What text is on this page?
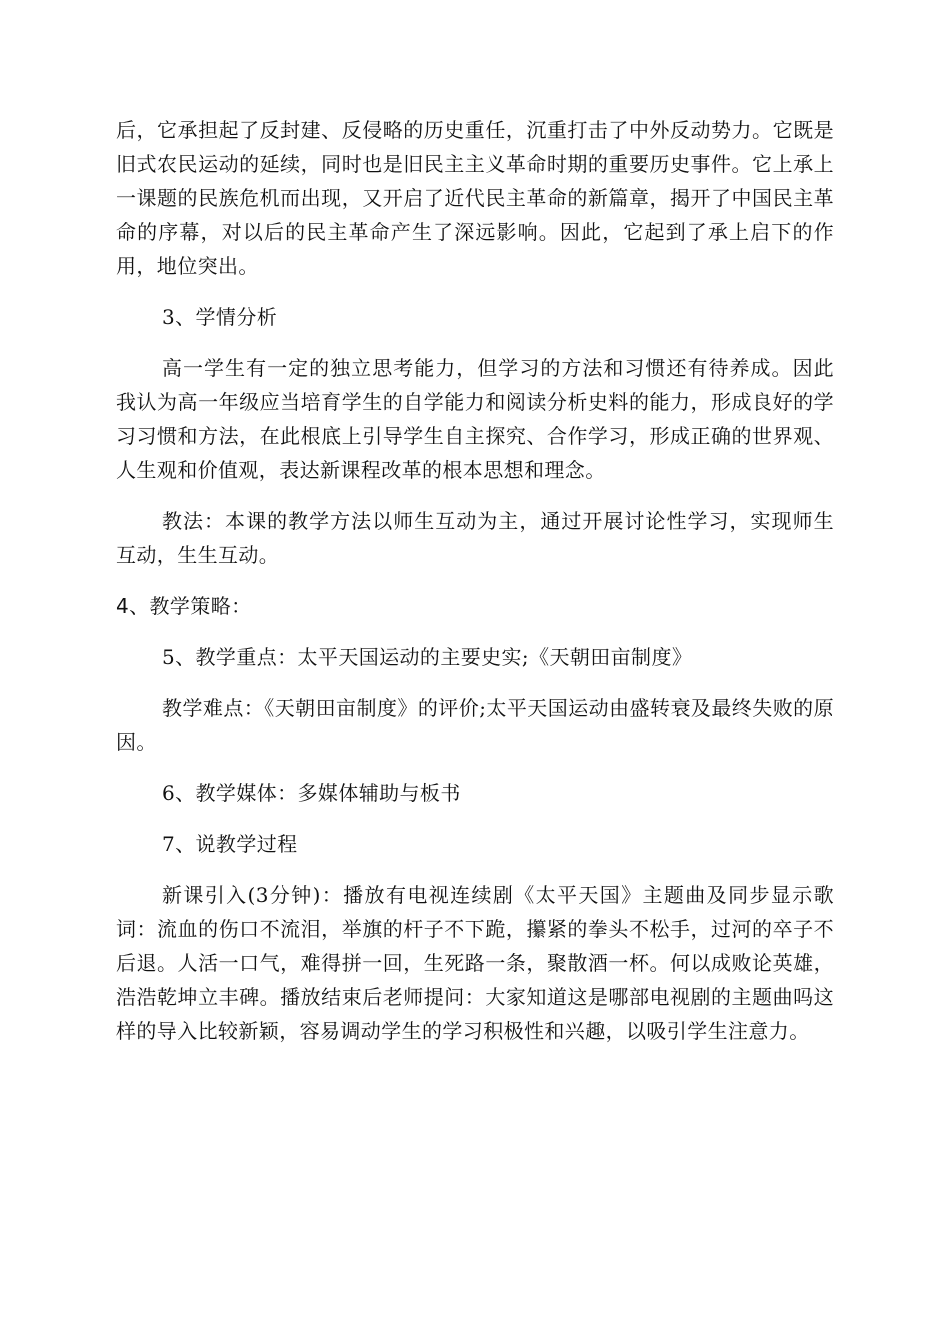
后，它承担起了反封建、反侵略的历史重任，沉重打击了中外反动势力。它既是旧式农民运动的延续，同时也是旧民主主义革命时期的重要历史事件。它上承上一课题的民族危机而出现，又开启了近代民主革命的新篇章，揭开了中国民主革命的序幕，对以后的民主革命产生了深远影响。因此，它起到了承上启下的作用，地位突出。

3、学情分析

高一学生有一定的独立思考能力，但学习的方法和习惯还有待养成。因此我认为高一年级应当培育学生的自学能力和阅读分析史料的能力，形成良好的学习习惯和方法，在此根底上引导学生自主探究、合作学习，形成正确的世界观、人生观和价值观，表达新课程改革的根本思想和理念。

教法：本课的教学方法以师生互动为主，通过开展讨论性学习，实现师生互动，生生互动。

4、教学策略：

5、教学重点：太平天国运动的主要史实;《天朝田亩制度》

教学难点：《天朝田亩制度》的评价;太平天国运动由盛转衰及最终失败的原因。

6、教学媒体：多媒体辅助与板书

7、说教学过程

新课引入(3分钟)：播放有电视连续剧《太平天国》主题曲及同步显示歌词：流血的伤口不流泪，举旗的杆子不下跪，攥紧的拳头不松手，过河的卒子不后退。人活一口气，难得拼一回，生死路一条，聚散酒一杯。何以成败论英雄，浩浩乾坤立丰碑。播放结束后老师提问：大家知道这是哪部电视剧的主题曲吗这样的导入比较新颖，容易调动学生的学习积极性和兴趣，以吸引学生注意力。
